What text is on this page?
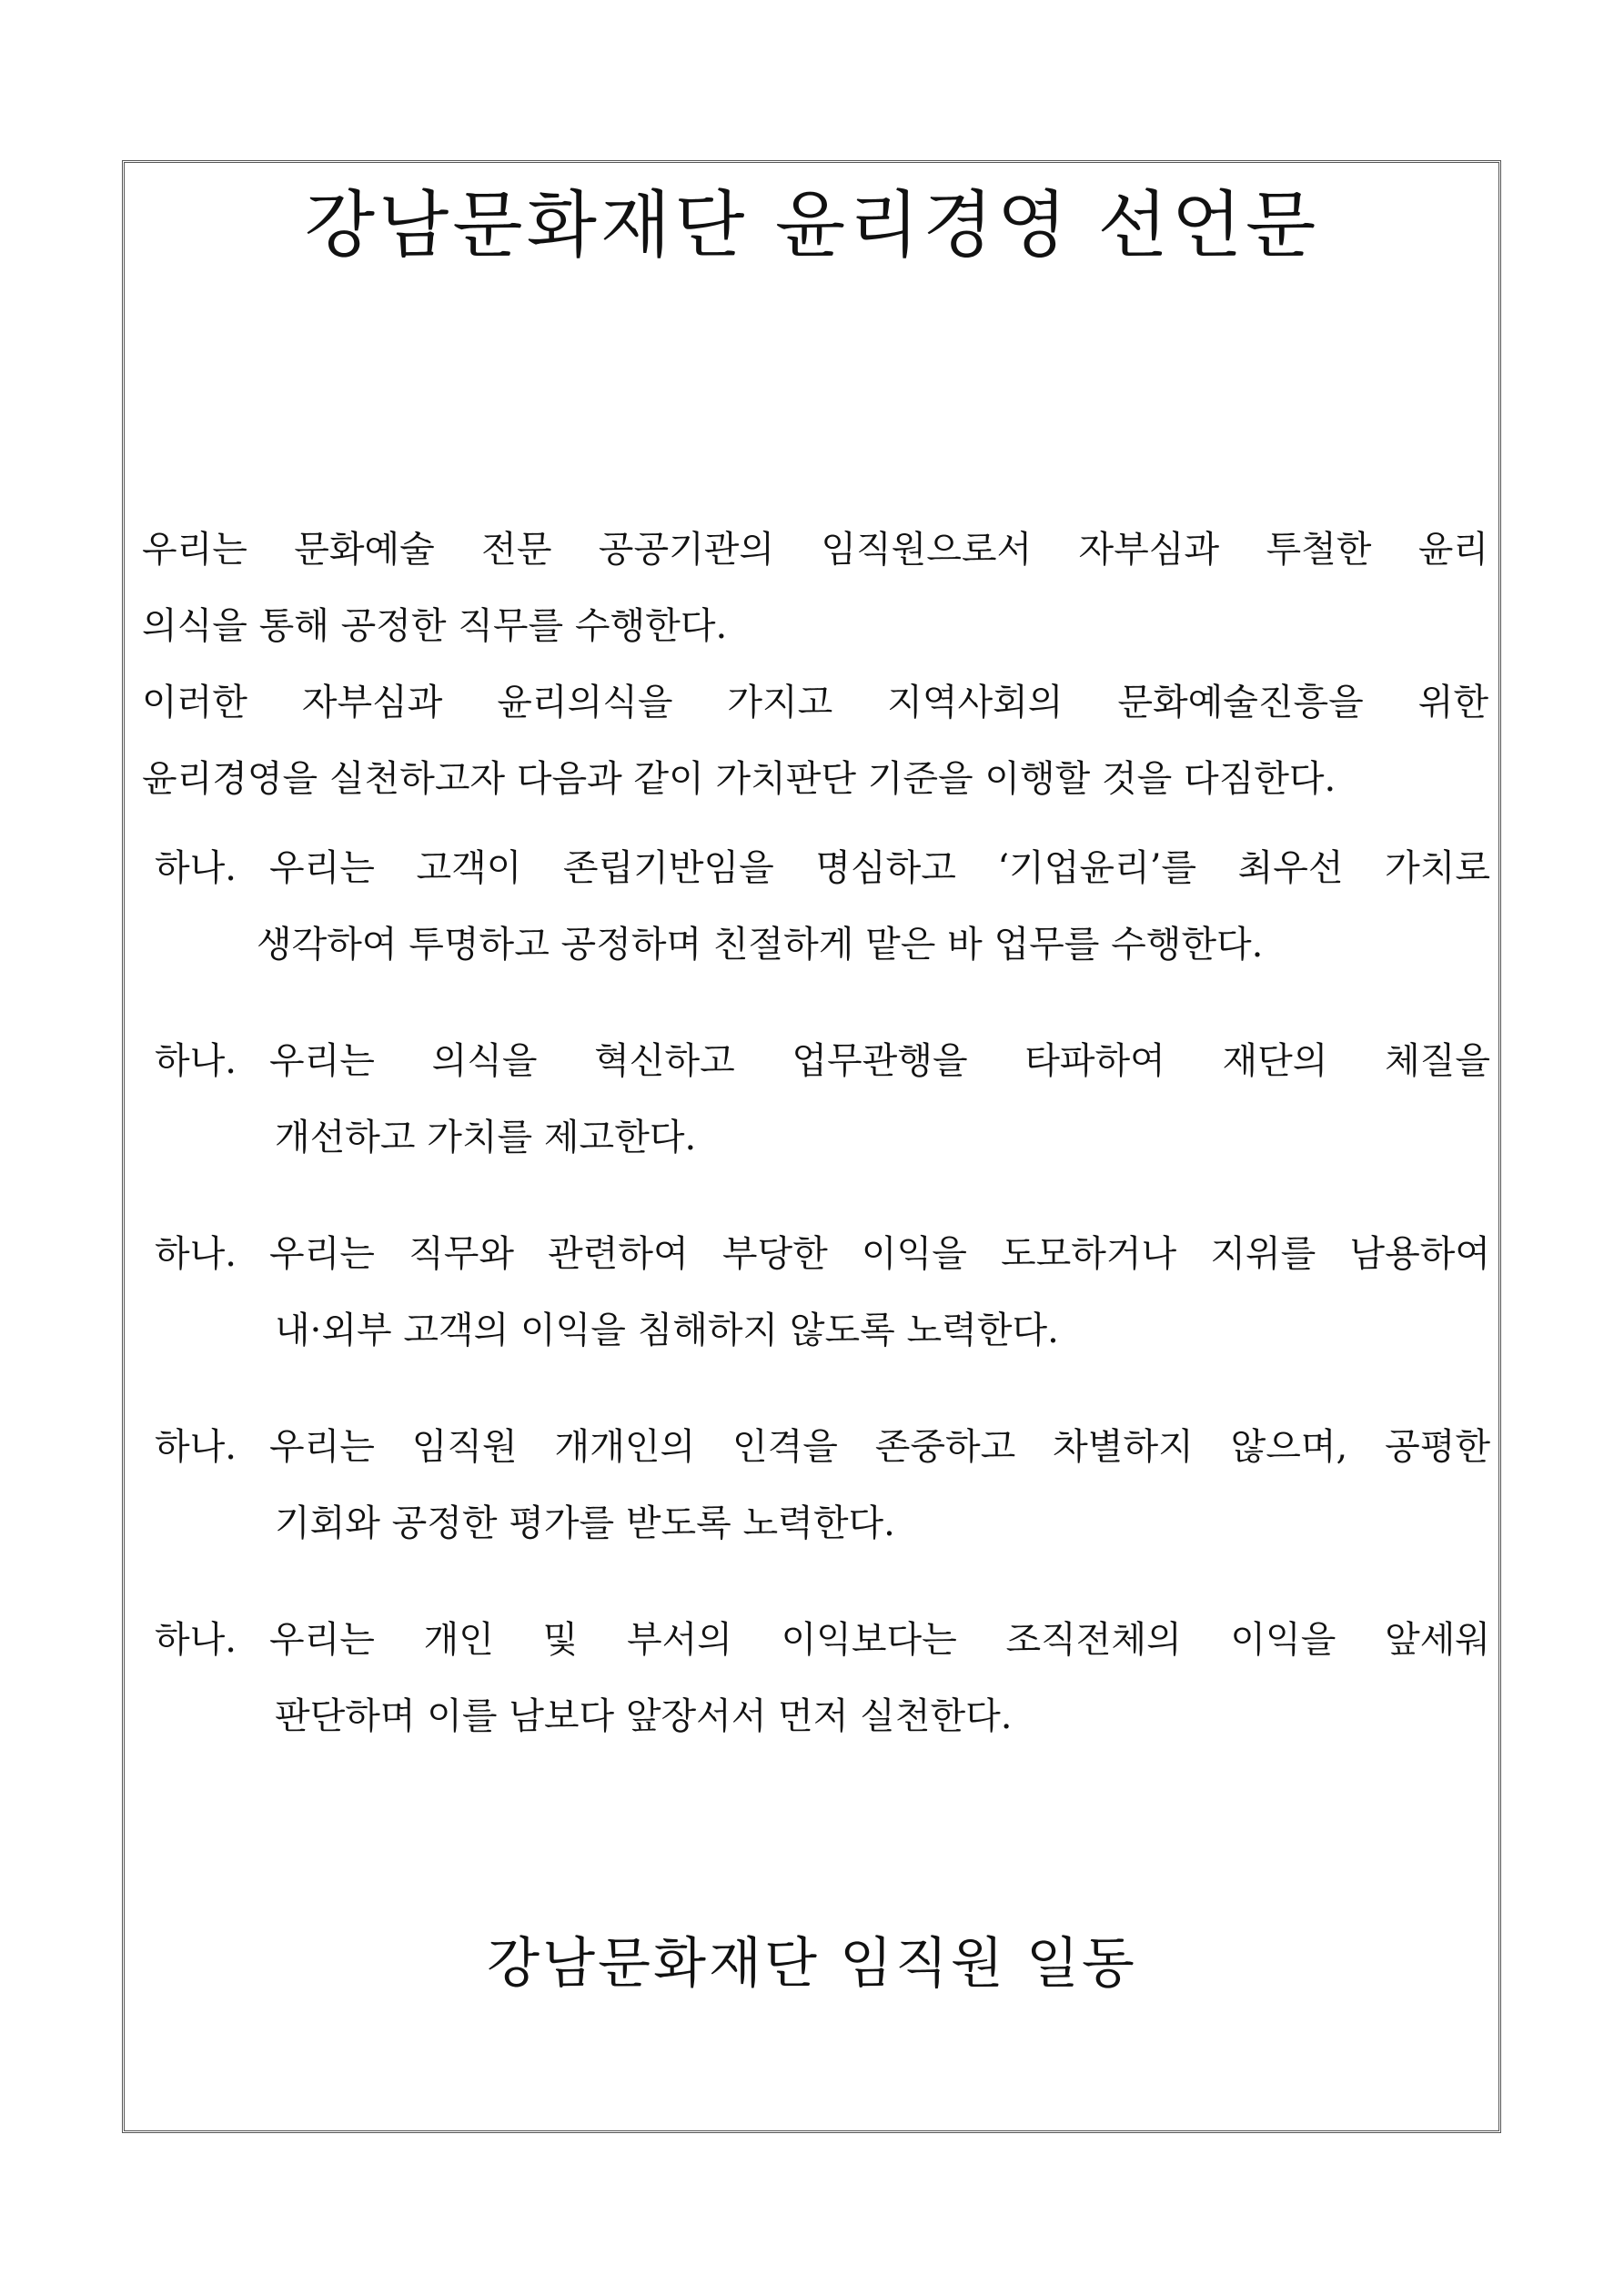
강남문화재단 윤리경영 선언문
우리는 문화예술 전문 공공기관의 임직원으로서 자부심과 투철한 윤리
의식을 통해 공정한 직무를 수행한다.
이러한 자부심과 윤리의식을 가지고 지역사회의 문화예술진흥을 위한
윤리경영을 실천하고자 다음과 같이 가치판단 기준을 이행할 것을 다짐한다.
하나. 우리는 고객이 존립기반임을 명심하고 ‘기업윤리’를 최우선 가치로
생각하여 투명하고 공정하며 친절하게 맡은 바 업무를 수행한다.
하나. 우리는 의식을 혁신하고 업무관행을 타파하여 재단의 체질을
개선하고 가치를 제고한다.
하나. 우리는 직무와 관련하여 부당한 이익을 도모하거나 지위를 남용하여
내·외부 고객의 이익을 침해하지 않도록 노력한다.
하나. 우리는 임직원 개개인의 인격을 존중하고 차별하지 않으며, 공평한
기회와 공정한 평가를 받도록 노력한다.
하나. 우리는 개인 및 부서의 이익보다는 조직전체의 이익을 앞세워
판단하며 이를 남보다 앞장서서 먼저 실천한다.
강남문화재단 임직원 일동
